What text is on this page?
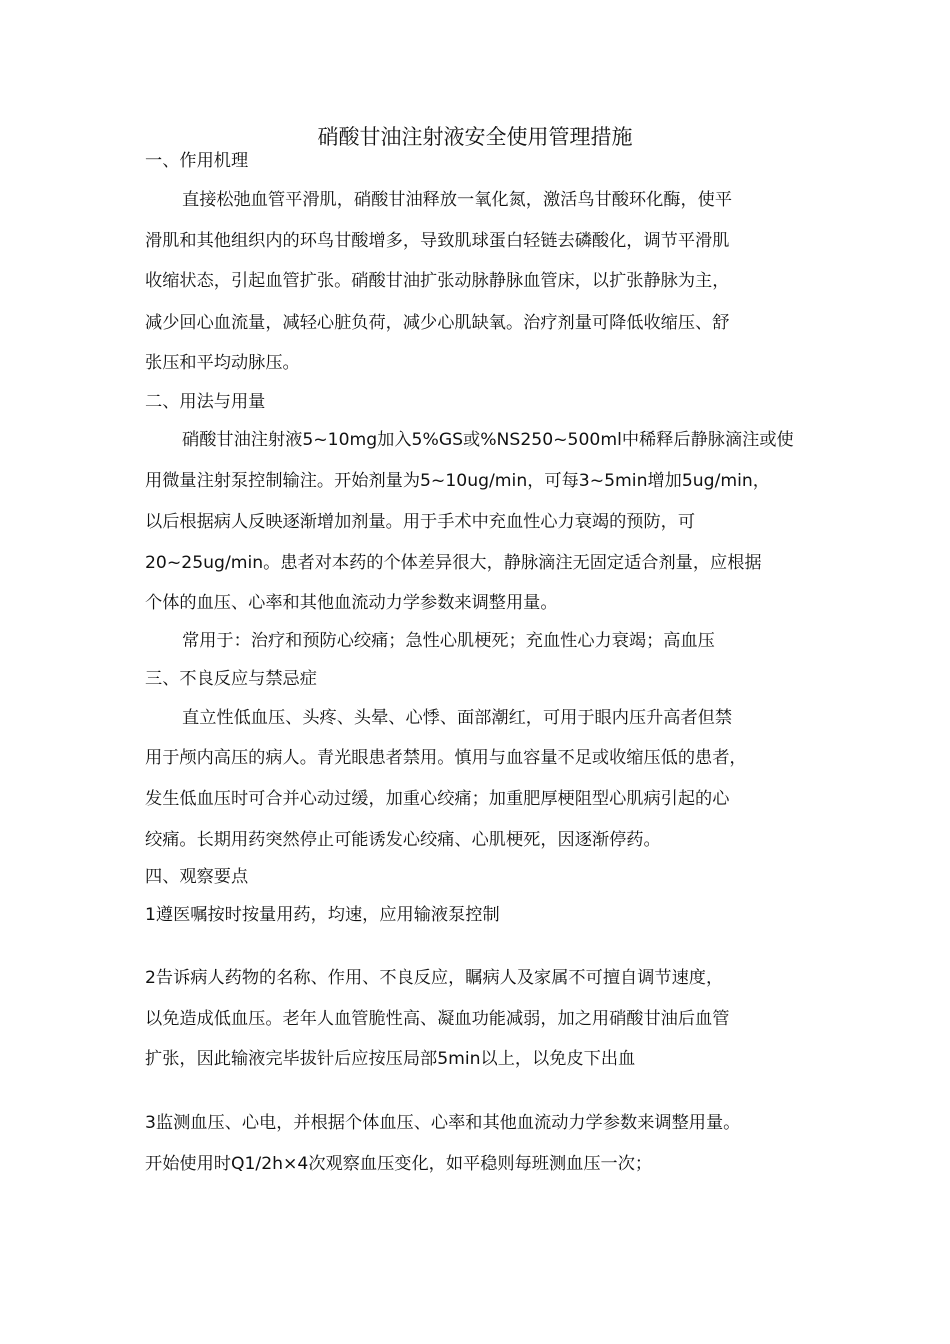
硝酸甘油注射液安全使用管理措施
一、作用机理
直接松弛血管平滑肌，硝酸甘油释放一氧化氮，激活鸟甘酸环化酶，使平
滑肌和其他组织内的环鸟甘酸增多，导致肌球蛋白轻链去磷酸化，调节平滑肌
收缩状态，引起血管扩张。硝酸甘油扩张动脉静脉血管床，以扩张静脉为主，
减少回心血流量，减轻心脏负荷，减少心肌缺氧。治疗剂量可降低收缩压、舒
张压和平均动脉压。
二、用法与用量
硝酸甘油注射液5~10mg加入5%GS或%NS250~500ml中稀释后静脉滴注或使
用微量注射泵控制输注。开始剂量为5~10ug/min，可每3~5min增加5ug/min，
以后根据病人反映逐渐增加剂量。用于手术中充血性心力衰竭的预防，可
20~25ug/min。患者对本药的个体差异很大，静脉滴注无固定适合剂量，应根据
个体的血压、心率和其他血流动力学参数来调整用量。
常用于：治疗和预防心绞痛；急性心肌梗死；充血性心力衰竭；高血压
三、不良反应与禁忌症
直立性低血压、头疼、头晕、心悸、面部潮红，可用于眼内压升高者但禁
用于颅内高压的病人。青光眼患者禁用。慎用与血容量不足或收缩压低的患者，
发生低血压时可合并心动过缓，加重心绞痛；加重肥厚梗阻型心肌病引起的心
绞痛。长期用药突然停止可能诱发心绞痛、心肌梗死，因逐渐停药。
四、观察要点
1遵医嘱按时按量用药，均速，应用输液泵控制
2告诉病人药物的名称、作用、不良反应，瞩病人及家属不可擅自调节速度，
以免造成低血压。老年人血管脆性高、凝血功能减弱，加之用硝酸甘油后血管
扩张，因此输液完毕拔针后应按压局部5min以上，以免皮下出血
3监测血压、心电，并根据个体血压、心率和其他血流动力学参数来调整用量。
开始使用时Q1/2h×4次观察血压变化，如平稳则每班测血压一次；
